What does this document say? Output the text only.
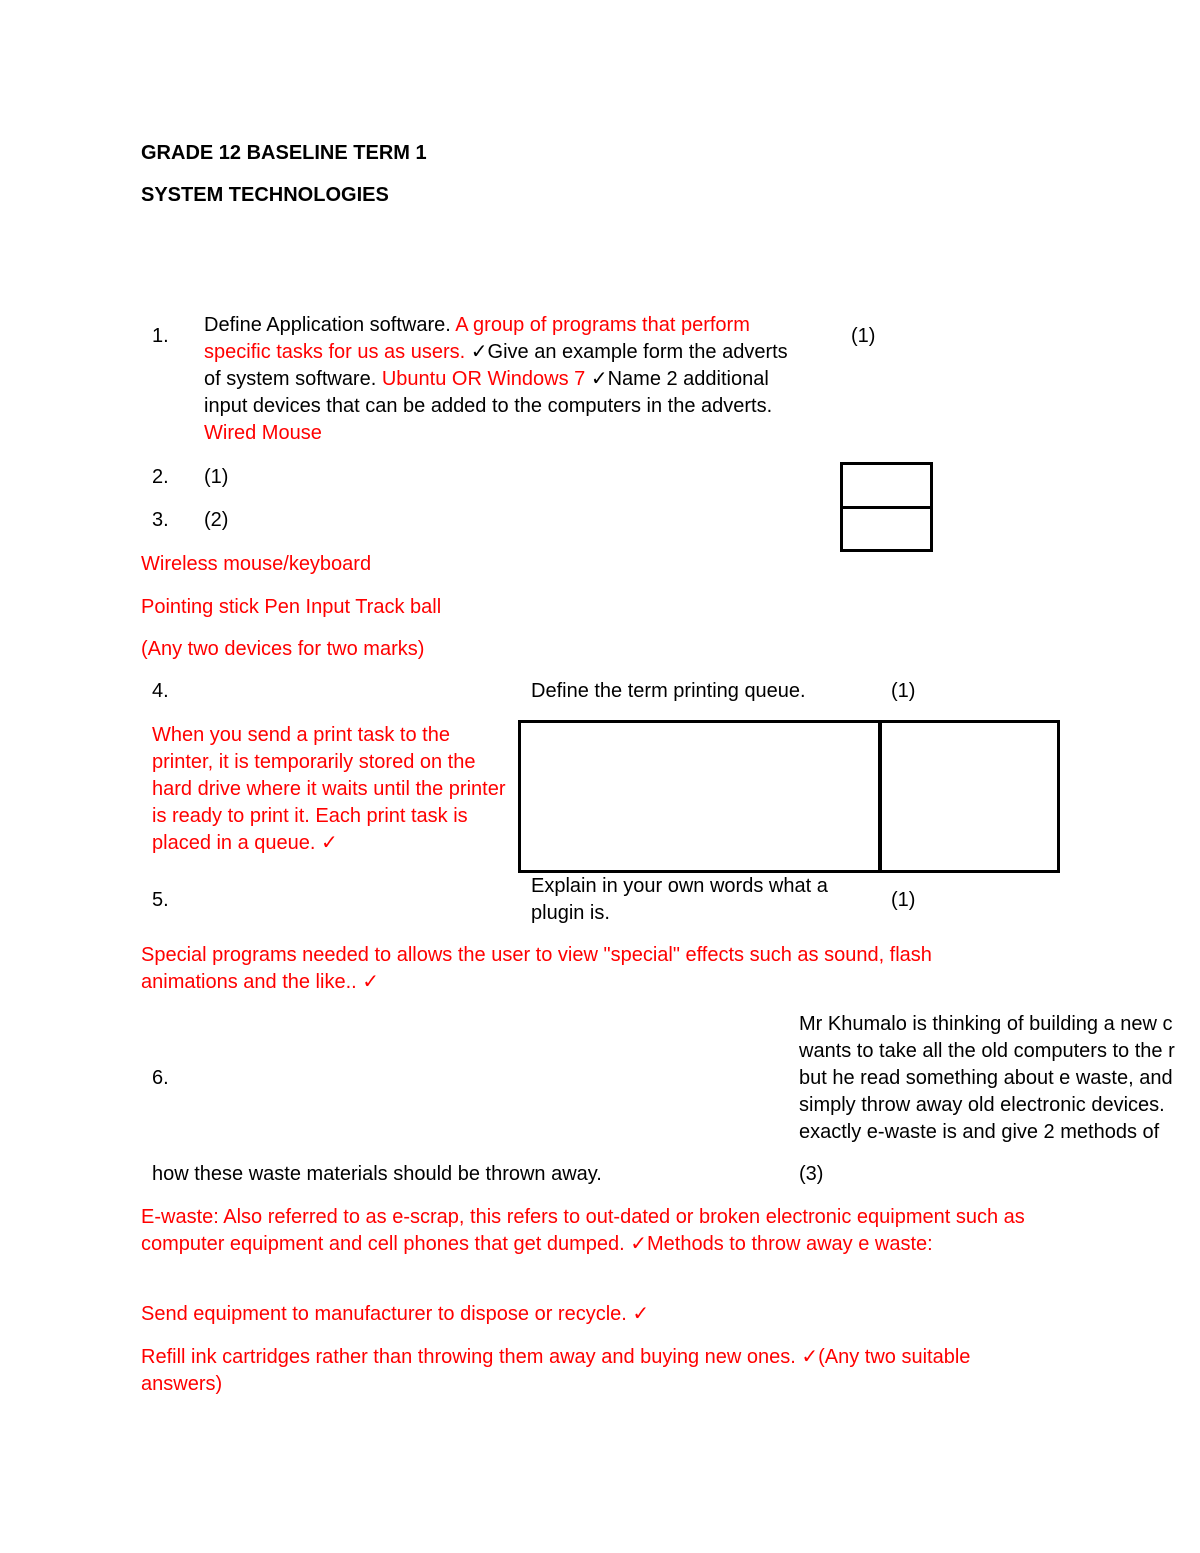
GRADE 12 BASELINE TERM 1
SYSTEM TECHNOLOGIES
1. Define Application software. A group of programs that perform specific tasks for us as users. ✓Give an example form the adverts of system software. Ubuntu OR Windows 7 ✓Name 2 additional input devices that can be added to the computers in the adverts. Wired Mouse
(1)
2. (1)
3. (2)
Wireless mouse/keyboard
Pointing stick Pen Input Track ball
(Any two devices for two marks)
4.	Define the term printing queue.	(1)
When you send a print task to the printer, it is temporarily stored on the hard drive where it waits until the printer is ready to print it. Each print task is placed in a queue. ✓
5.
Explain in your own words what a plugin is.
(1)
Special programs needed to allows the user to view "special" effects such as sound, flash animations and the like.. ✓
6.
Mr Khumalo is thinking of building a new c
wants to take all the old computers to the r
but he read something about e waste, and
simply throw away old electronic devices.
exactly e-waste is and give 2 methods of
how these waste materials should be thrown away.	(3)
E-waste: Also referred to as e-scrap, this refers to out-dated or broken electronic equipment such as computer equipment and cell phones that get dumped. ✓Methods to throw away e waste:
Send equipment to manufacturer to dispose or recycle. ✓
Refill ink cartridges rather than throwing them away and buying new ones. ✓(Any two suitable answers)
